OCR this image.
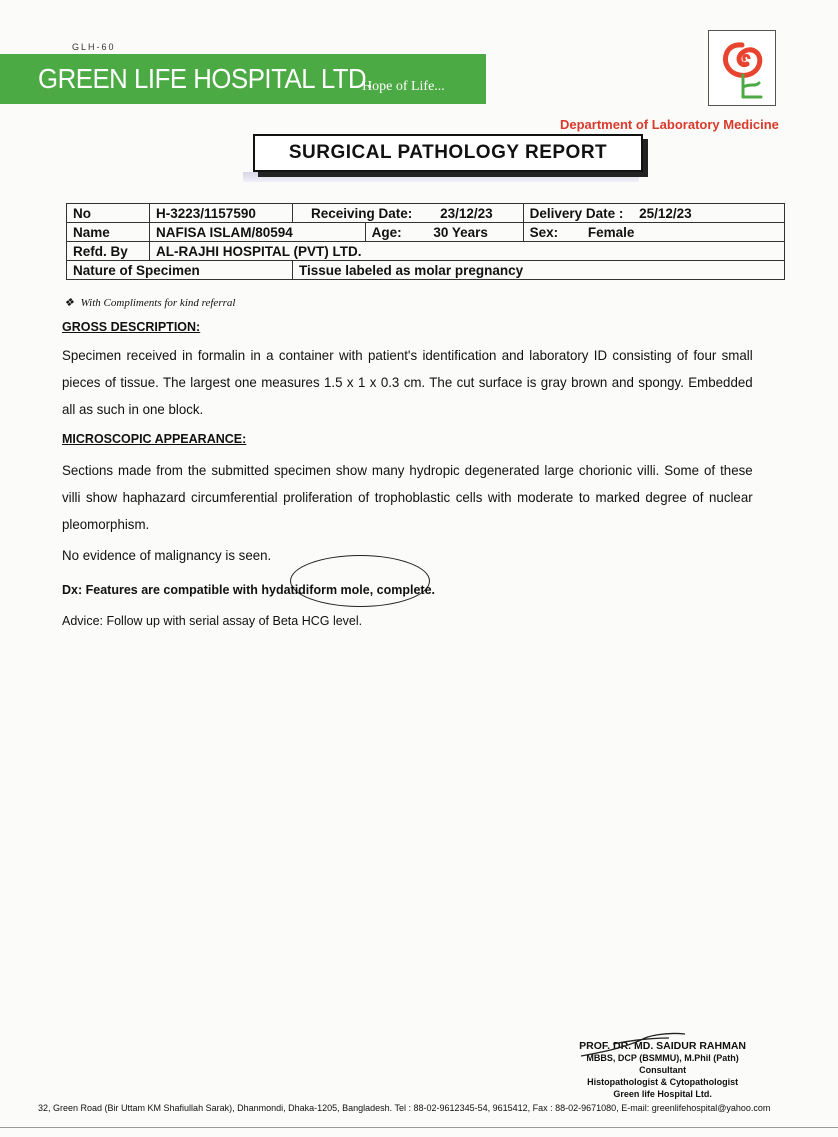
GLH-60
GREEN LIFE HOSPITAL LTD.
Hope of Life...
Department of Laboratory Medicine
SURGICAL PATHOLOGY REPORT
No	H-3223/1157590	Receiving Date: 23/12/23		Delivery Date : 25/12/23
Name	NAFISA ISLAM/80594		Age: 30 Years	Sex: Female
Refd. By	AL-RAJHI HOSPITAL (PVT) LTD.			
Nature of Specimen		Tissue labeled as molar pregnancy		
❖ With Compliments for kind referral
GROSS DESCRIPTION:
Specimen received in formalin in a container with patient's identification and laboratory ID consisting of four small pieces of tissue. The largest one measures 1.5 x 1 x 0.3 cm. The cut surface is gray brown and spongy. Embedded all as such in one block.
MICROSCOPIC APPEARANCE:
Sections made from the submitted specimen show many hydropic degenerated large chorionic villi. Some of these villi show haphazard circumferential proliferation of trophoblastic cells with moderate to marked degree of nuclear pleomorphism.
No evidence of malignancy is seen.
Dx: Features are compatible with hydatidiform mole, complete.
Advice: Follow up with serial assay of Beta HCG level.
PROF. DR. MD. SAIDUR RAHMAN
MBBS, DCP (BSMMU), M.Phil (Path)
Consultant
Histopathologist & Cytopathologist
Green life Hospital Ltd.
32, Green Road (Bir Uttam KM Shafiullah Sarak), Dhanmondi, Dhaka-1205, Bangladesh. Tel : 88-02-9612345-54, 9615412, Fax : 88-02-9671080, E-mail: greenlifehospital@yahoo.com
